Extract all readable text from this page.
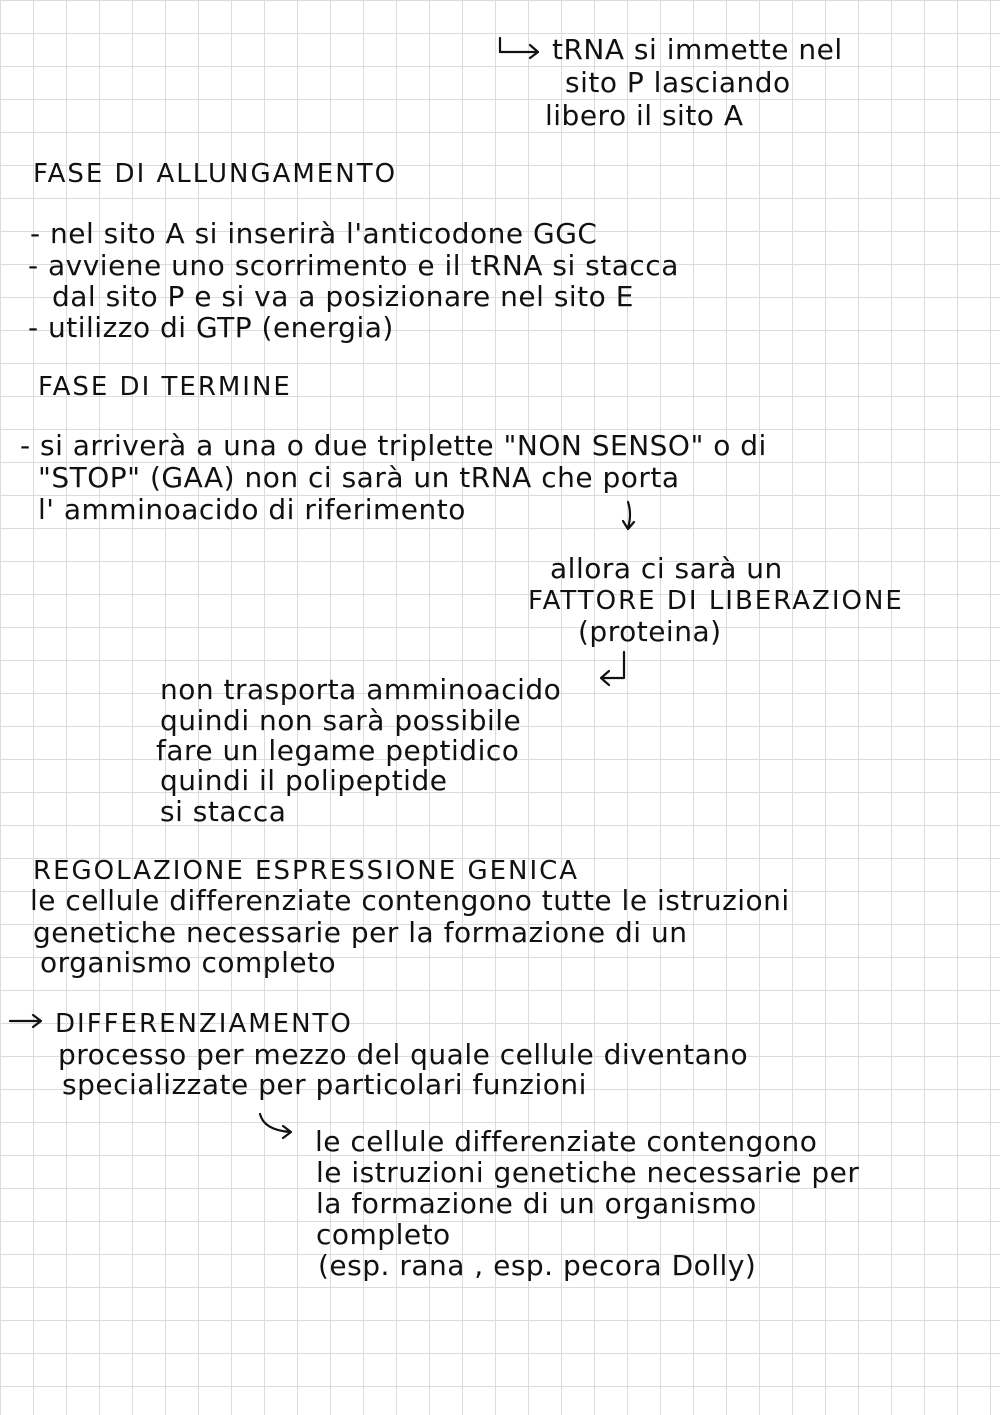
tRNA si immette nel
sito P lasciando
libero il sito A
FASE DI ALLUNGAMENTO
- nel sito A si inserirà l'anticodone GGC
- avviene uno scorrimento e il tRNA si stacca
dal sito P e si va a posizionare nel sito E
- utilizzo di GTP (energia)
FASE DI TERMINE
- si arriverà a una o due triplette "NON SENSO" o di
"STOP" (GAA) non ci sarà un tRNA che porta
l' amminoacido di riferimento
allora ci sarà un
FATTORE DI LIBERAZIONE
(proteina)
non trasporta amminoacido
quindi non sarà possibile
fare un legame peptidico
quindi il polipeptide
si stacca
REGOLAZIONE ESPRESSIONE GENICA
le cellule differenziate contengono tutte le istruzioni
genetiche necessarie per la formazione di un
organismo completo
DIFFERENZIAMENTO
processo per mezzo del quale cellule diventano
specializzate per particolari funzioni
le cellule differenziate contengono
le istruzioni genetiche necessarie per
la formazione di un organismo
completo
(esp. rana , esp. pecora Dolly)
